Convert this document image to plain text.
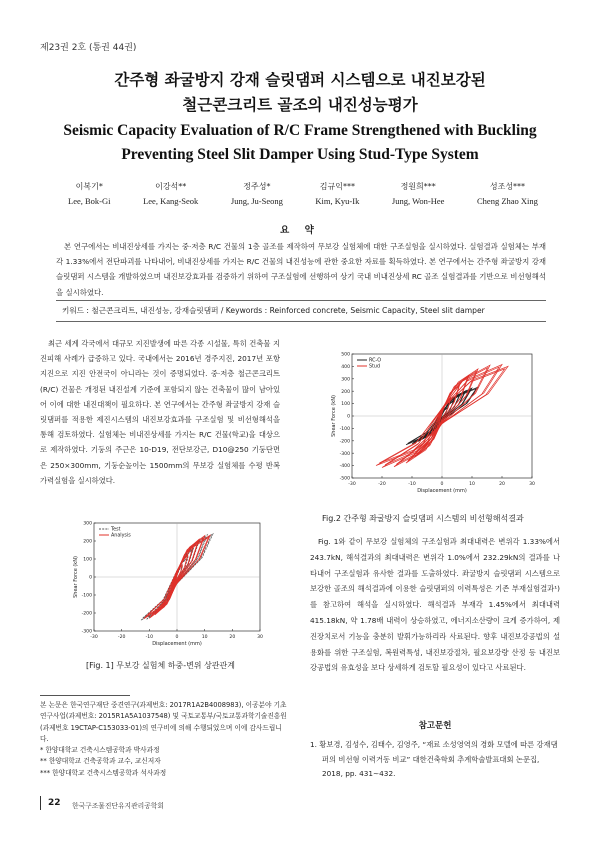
제23권 2호 (통권 44권)
간주형 좌굴방지 강재 슬릿댐퍼 시스템으로 내진보강된
철근콘크리트 골조의 내진성능평가
Seismic Capacity Evaluation of R/C Frame Strengthened with Buckling
Preventing Steel Slit Damper Using Stud-Type System
이복기*
Lee, Bok-Gi
이강석**
Lee, Kang-Seok
정주성*
Jung, Ju-Seong
김규익***
Kim, Kyu-Ik
정원희***
Jung, Won-Hee
성조성***
Cheng Zhao Xing
요 약
본 연구에서는 비내진상세를 가지는 중·저층 R/C 건물의 1층 골조를 제작하여 무보강 실험체에 대한 구조실험을 실시하였다. 실험결과 실험체는 부재각 1.33%에서 전단파괴를 나타내어, 비내진상세를 가지는 R/C 건물의 내진성능에 관한 중요한 자료를 획득하였다. 본 연구에서는 간주형 좌굴방지 강재 슬릿댐퍼 시스템을 개발하였으며 내진보강효과를 검증하기 위하여 구조실험에 선행하여 상기 국내 비내진상세 RC 골조 실험결과를 기반으로 비선형해석을 실시하였다.
키워드 : 철근콘크리트, 내진성능, 강재슬릿댐퍼 / Keywords : Reinforced concrete, Seismic Capacity, Steel slit damper
최근 세계 각국에서 대규모 지진발생에 따른 각종 시설물, 특히 건축물 지진피해 사례가 급증하고 있다. 국내에서는 2016년 경주지진, 2017년 포항지진으로 지진 안전국이 아니라는 것이 증명되었다. 중·저층 철근콘크리트(R/C) 건물은 개정된 내진설계 기준에 포함되지 않는 건축물이 많이 남아있어 이에 대한 내진대책이 필요하다. 본 연구에서는 간주형 좌굴방지 강재 슬릿댐퍼를 적용한 제진시스템의 내진보강효과를 구조실험 및 비선형해석을 통해 검토하였다. 실험체는 비내진상세를 가지는 R/C 건물(학교)을 대상으로 제작하였다. 기둥의 주근은 10-D19, 전단보강근, D10@250 기둥단면은 250×300mm, 기둥순높이는 1500mm의 무보강 실험체를 수평 반복가력실험을 실시하였다.
-30	-20	-10	0	10	20	30
-300
-200
-100
0
100
200
300
Displacement (mm)
Shear Force (kN)
Test
Analysis
[Fig. 1] 무보강 실험체 하중-변위 상관관계
-30	-20	-10	0	10	20	30
-500
-400
-300
-200
-100
0
100
200
300
400
500
Displacement (mm)
Shear Force (kN)
RC-O
Stud
Fig.2 간주형 좌굴방지 슬릿댐퍼 시스템의 비선형해석결과
Fig. 1와 같이 무보강 실험체의 구조실험과 최대내력은 변위각 1.33%에서 243.7kN, 해석결과의 최대내력은 변위각 1.0%에서 232.29kN의 결과를 나타내어 구조실험과 유사한 결과를 도출하였다. 좌굴방지 슬릿댐퍼 시스템으로 보강한 골조의 해석결과에 이용한 슬릿댐퍼의 이력특성은 기존 부재실험결과¹)를 참고하여 해석을 실시하였다. 해석결과 부재각 1.45%에서 최대내력 415.18kN, 약 1.78배 내력이 상승하였고, 에너지소산량이 크게 증가하여, 제진장치로서 기능을 충분히 발휘가능하리라 사료된다. 향후 내진보강공법의 설용화를 위한 구조실험, 복원력특성, 내진보강절차, 필요보강량 산정 등 내진보강공법의 유효성을 보다 상세하게 검토할 필요성이 있다고 사료된다.

본 논문은 한국연구재단 중견연구(과제번호: 2017R1A2B4008983), 이공분야 기초연구사업(과제번호: 2015R1A5A1037548) 및 국토교통부/국토교통과학기술진흥원 (과제번호 19CTAP-C153033-01)의 연구비에 의해 수행되었으며 이에 감사드립니다.

* 한양대학교 건축시스템공학과 박사과정

** 한양대학교 건축공학과 교수, 교신저자

*** 한양대학교 건축시스템공학과 석사과정

참고문헌
1. 황보경, 김성수, 김태수, 김영주, “재료 소성영역의 경화 모델에 따른 강재댐퍼의 비선형 이력거동 비교” 대한건축학회 추계학술발표대회 논문집, 2018, pp. 431∼432.
22 한국구조물진단유지관리공학회
